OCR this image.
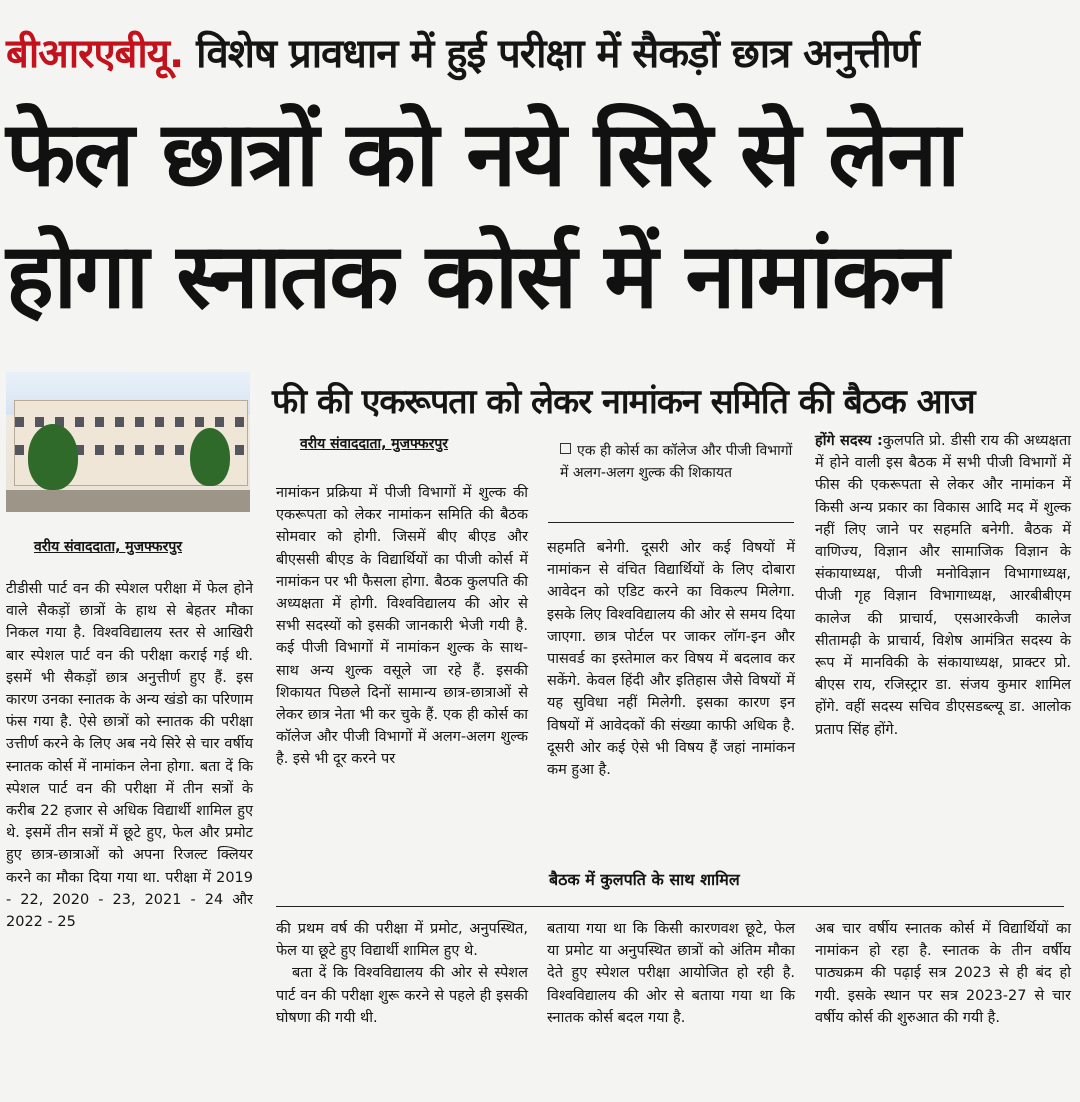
बीआरएबीयू. विशेष प्रावधान में हुई परीक्षा में सैकड़ों छात्र अनुत्तीर्ण
फेल छात्रों को नये सिरे से लेना
होगा स्नातक कोर्स में नामांकन
वरीय संवाददाता, मुजफ्फरपुर

टीडीसी पार्ट वन की स्पेशल परीक्षा में फेल होने वाले सैकड़ों छात्रों के हाथ से बेहतर मौका निकल गया है. विश्वविद्यालय स्तर से आखिरी बार स्पेशल पार्ट वन की परीक्षा कराई गई थी. इसमें भी सैकड़ों छात्र अनुत्तीर्ण हुए हैं. इस कारण उनका स्नातक के अन्य खंडो का परिणाम फंस गया है. ऐसे छात्रों को स्नातक की परीक्षा उत्तीर्ण करने के लिए अब नये सिरे से चार वर्षीय स्नातक कोर्स में नामांकन लेना होगा. बता दें कि स्पेशल पार्ट वन की परीक्षा में तीन सत्रों के करीब 22 हजार से अधिक विद्यार्थी शामिल हुए थे. इसमें तीन सत्रों में छूटे हुए, फेल और प्रमोट हुए छात्र-छात्राओं को अपना रिजल्ट क्लियर करने का मौका दिया गया था. परीक्षा में 2019 - 22, 2020 - 23, 2021 - 24 और 2022 - 25

फी की एकरूपता को लेकर नामांकन समिति की बैठक आज
वरीय संवाददाता, मुजफ्फरपुर	एक ही कोर्स का कॉलेज और पीजी विभागों में अलग-अलग शुल्क की शिकायत

नामांकन प्रक्रिया में पीजी विभागों में शुल्क की एकरूपता को लेकर नामांकन समिति की बैठक सोमवार को होगी. जिसमें बीए बीएड और बीएससी बीएड के विद्यार्थियों का पीजी कोर्स में नामांकन पर भी फैसला होगा. बैठक कुलपति की अध्यक्षता में होगी. विश्वविद्यालय की ओर से सभी सदस्यों को इसकी जानकारी भेजी गयी है. कई पीजी विभागों में नामांकन शुल्क के साथ-साथ अन्य शुल्क वसूले जा रहे हैं. इसकी शिकायत पिछले दिनों सामान्य छात्र-छात्राओं से लेकर छात्र नेता भी कर चुके हैं. एक ही कोर्स का कॉलेज और पीजी विभागों में अलग-अलग शुल्क है. इसे भी दूर करने पर

सहमति बनेगी. दूसरी ओर कई विषयों में नामांकन से वंचित विद्यार्थियों के लिए दोबारा आवेदन को एडिट करने का विकल्प मिलेगा. इसके लिए विश्वविद्यालय की ओर से समय दिया जाएगा. छात्र पोर्टल पर जाकर लॉग-इन और पासवर्ड का इस्तेमाल कर विषय में बदलाव कर सकेंगे. केवल हिंदी और इतिहास जैसे विषयों में यह सुविधा नहीं मिलेगी. इसका कारण इन विषयों में आवेदकों की संख्या काफी अधिक है. दूसरी ओर कई ऐसे भी विषय हैं जहां नामांकन कम हुआ है.

बैठक में कुलपति के साथ शामिल

होंगे सदस्य :कुलपति प्रो. डीसी राय की अध्यक्षता में होने वाली इस बैठक में सभी पीजी विभागों में फीस की एकरूपता से लेकर और नामांकन में किसी अन्य प्रकार का विकास आदि मद में शुल्क नहीं लिए जाने पर सहमति बनेगी. बैठक में वाणिज्य, विज्ञान और सामाजिक विज्ञान के संकायाध्यक्ष, पीजी मनोविज्ञान विभागाध्यक्ष, पीजी गृह विज्ञान विभागाध्यक्ष, आरबीबीएम कालेज की प्राचार्य, एसआरकेजी कालेज सीतामढ़ी के प्राचार्य, विशेष आमंत्रित सदस्य के रूप में मानविकी के संकायाध्यक्ष, प्राक्टर प्रो. बीएस राय, रजिस्ट्रार डा. संजय कुमार शामिल होंगे. वहीं सदस्य सचिव डीएसडब्ल्यू डा. आलोक प्रताप सिंह होंगे.

की प्रथम वर्ष की परीक्षा में प्रमोट, अनुपस्थित, फेल या छूटे हुए विद्यार्थी शामिल हुए थे.
बता दें कि विश्वविद्यालय की ओर से स्पेशल पार्ट वन की परीक्षा शुरू करने से पहले ही इसकी घोषणा की गयी थी.

बताया गया था कि किसी कारणवश छूटे, फेल या प्रमोट या अनुपस्थित छात्रों को अंतिम मौका देते हुए स्पेशल परीक्षा आयोजित हो रही है. विश्वविद्यालय की ओर से बताया गया था कि स्नातक कोर्स बदल गया है.

अब चार वर्षीय स्नातक कोर्स में विद्यार्थियों का नामांकन हो रहा है. स्नातक के तीन वर्षीय पाठ्यक्रम की पढ़ाई सत्र 2023 से ही बंद हो गयी. इसके स्थान पर सत्र 2023-27 से चार वर्षीय कोर्स की शुरुआत की गयी है.
